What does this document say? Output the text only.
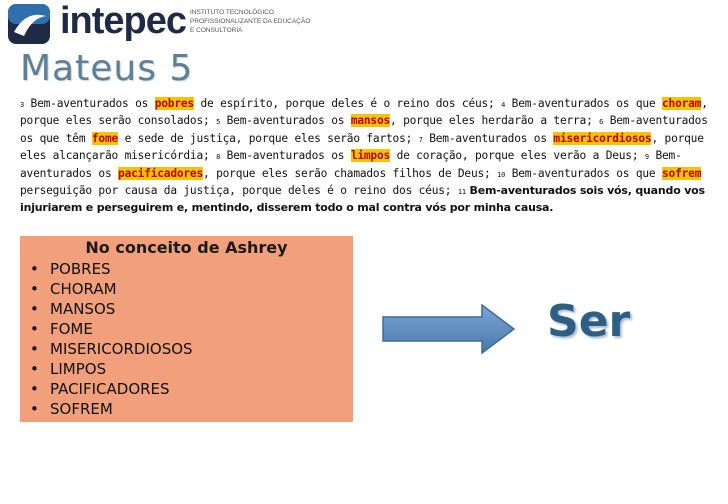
intepec INSTITUTO TECNOLÓGICO
PROFISSIONALIZANTE DA EDUCAÇÃO
E CONSULTORIA
Mateus 5
3 Bem-aventurados os pobres de espírito, porque deles é o reino dos céus; 4 Bem-aventurados os que choram, porque eles serão consolados; 5 Bem-aventurados os mansos, porque eles herdarão a terra; 6 Bem-aventurados os que têm fome e sede de justiça, porque eles serão fartos; 7 Bem-aventurados os misericordiosos, porque eles alcançarão misericórdia; 8 Bem-aventurados os limpos de coração, porque eles verão a Deus; 9 Bem-aventurados os pacificadores, porque eles serão chamados filhos de Deus; 10 Bem-aventurados os que sofrem perseguição por causa da justiça, porque deles é o reino dos céus; 11 Bem-aventurados sois vós, quando vos injuriarem e perseguirem e, mentindo, disserem todo o mal contra vós por minha causa.
No conceito de Ashrey
• POBRES
• CHORAM
• MANSOS
• FOME
• MISERICORDIOSOS
• LIMPOS
• PACIFICADORES
• SOFREM
Ser
